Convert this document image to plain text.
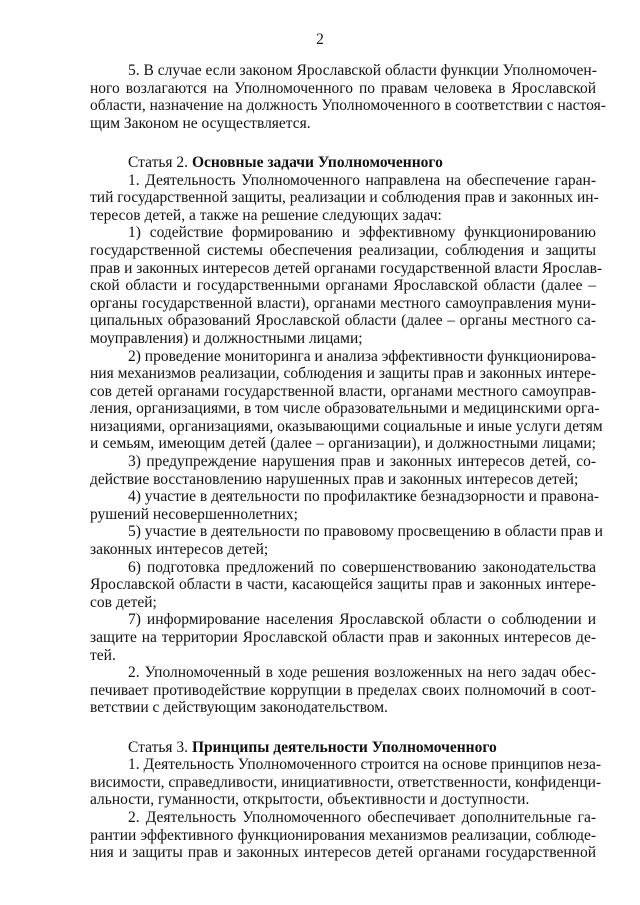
2
5. В случае если законом Ярославской области функции Уполномочен-
ного возлагаются на Уполномоченного по правам человека в Ярославской
области, назначение на должность Уполномоченного в соответствии с настоя-
щим Законом не осуществляется.
Статья 2. Основные задачи Уполномоченного
1. Деятельность Уполномоченного направлена на обеспечение гаран-
тий государственной защиты, реализации и соблюдения прав и законных ин-
тересов детей, а также на решение следующих задач:
1) содействие формированию и эффективному функционированию
государственной системы обеспечения реализации, соблюдения и защиты
прав и законных интересов детей органами государственной власти Ярослав-
ской области и государственными органами Ярославской области (далее –
органы государственной власти), органами местного самоуправления муни-
ципальных образований Ярославской области (далее – органы местного са-
моуправления) и должностными лицами;
2) проведение мониторинга и анализа эффективности функционирова-
ния механизмов реализации, соблюдения и защиты прав и законных интере-
сов детей органами государственной власти, органами местного самоуправ-
ления, организациями, в том числе образовательными и медицинскими орга-
низациями, организациями, оказывающими социальные и иные услуги детям
и семьям, имеющим детей (далее – организации), и должностными лицами;
3) предупреждение нарушения прав и законных интересов детей, со-
действие восстановлению нарушенных прав и законных интересов детей;
4) участие в деятельности по профилактике безнадзорности и правона-
рушений несовершеннолетних;
5) участие в деятельности по правовому просвещению в области прав и
законных интересов детей;
6) подготовка предложений по совершенствованию законодательства
Ярославской области в части, касающейся защиты прав и законных интере-
сов детей;
7) информирование населения Ярославской области о соблюдении и
защите на территории Ярославской области прав и законных интересов де-
тей.
2. Уполномоченный в ходе решения возложенных на него задач обес-
печивает противодействие коррупции в пределах своих полномочий в соот-
ветствии с действующим законодательством.
Статья 3. Принципы деятельности Уполномоченного
1. Деятельность Уполномоченного строится на основе принципов неза-
висимости, справедливости, инициативности, ответственности, конфиденци-
альности, гуманности, открытости, объективности и доступности.
2. Деятельность Уполномоченного обеспечивает дополнительные га-
рантии эффективного функционирования механизмов реализации, соблюде-
ния и защиты прав и законных интересов детей органами государственной
